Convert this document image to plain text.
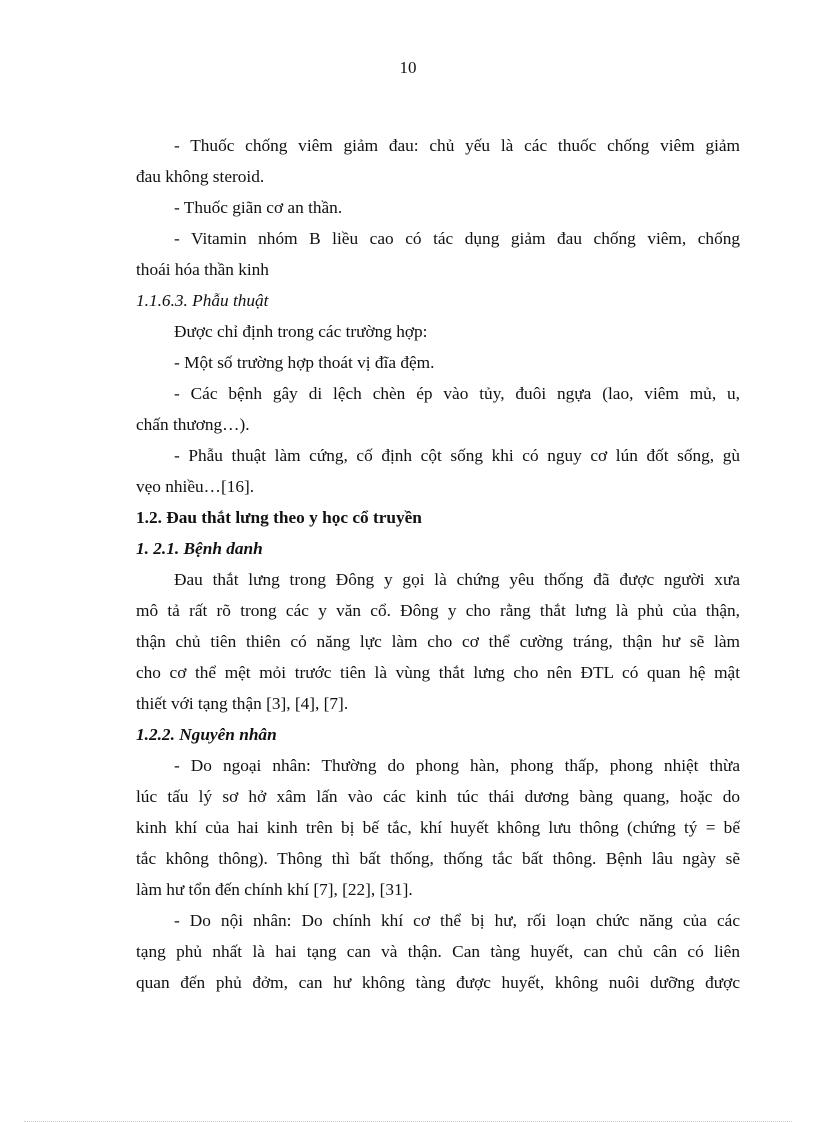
10
- Thuốc chống viêm giảm đau: chủ yếu là các thuốc chống viêm giảm
đau không steroid.
- Thuốc giãn cơ an thần.
- Vitamin nhóm B liều cao có tác dụng giảm đau chống viêm, chống
thoái hóa thần kinh
1.1.6.3. Phẫu thuật
Được chỉ định trong các trường hợp:
- Một số trường hợp thoát vị đĩa đệm.
- Các bệnh gây di lệch chèn ép vào tủy, đuôi ngựa (lao, viêm mủ, u,
chấn thương…).
- Phẫu thuật làm cứng, cố định cột sống khi có nguy cơ lún đốt sống, gù
vẹo nhiều…[16].
1.2. Đau thắt lưng theo y học cổ truyền
1. 2.1. Bệnh danh
Đau thắt lưng trong Đông y gọi là chứng yêu thống đã được người xưa
mô tả rất rõ trong các y văn cổ. Đông y cho rằng thắt lưng là phủ của thận,
thận chủ tiên thiên có năng lực làm cho cơ thể cường tráng, thận hư sẽ làm
cho cơ thể mệt mỏi trước tiên là vùng thắt lưng cho nên ĐTL có quan hệ mật
thiết với tạng thận [3], [4], [7].
1.2.2. Nguyên nhân
- Do ngoại nhân: Thường do phong hàn, phong thấp, phong nhiệt thừa
lúc tấu lý sơ hở xâm lấn vào các kinh túc thái dương bàng quang, hoặc do
kinh khí của hai kinh trên bị bế tắc, khí huyết không lưu thông (chứng tý = bế
tắc không thông). Thông thì bất thống, thống tắc bất thông. Bệnh lâu ngày sẽ
làm hư tổn đến chính khí [7], [22], [31].
- Do nội nhân: Do chính khí cơ thể bị hư, rối loạn chức năng của các
tạng phủ nhất là hai tạng can và thận. Can tàng huyết, can chủ cân có liên
quan đến phủ đởm, can hư không tàng được huyết, không nuôi dưỡng được
